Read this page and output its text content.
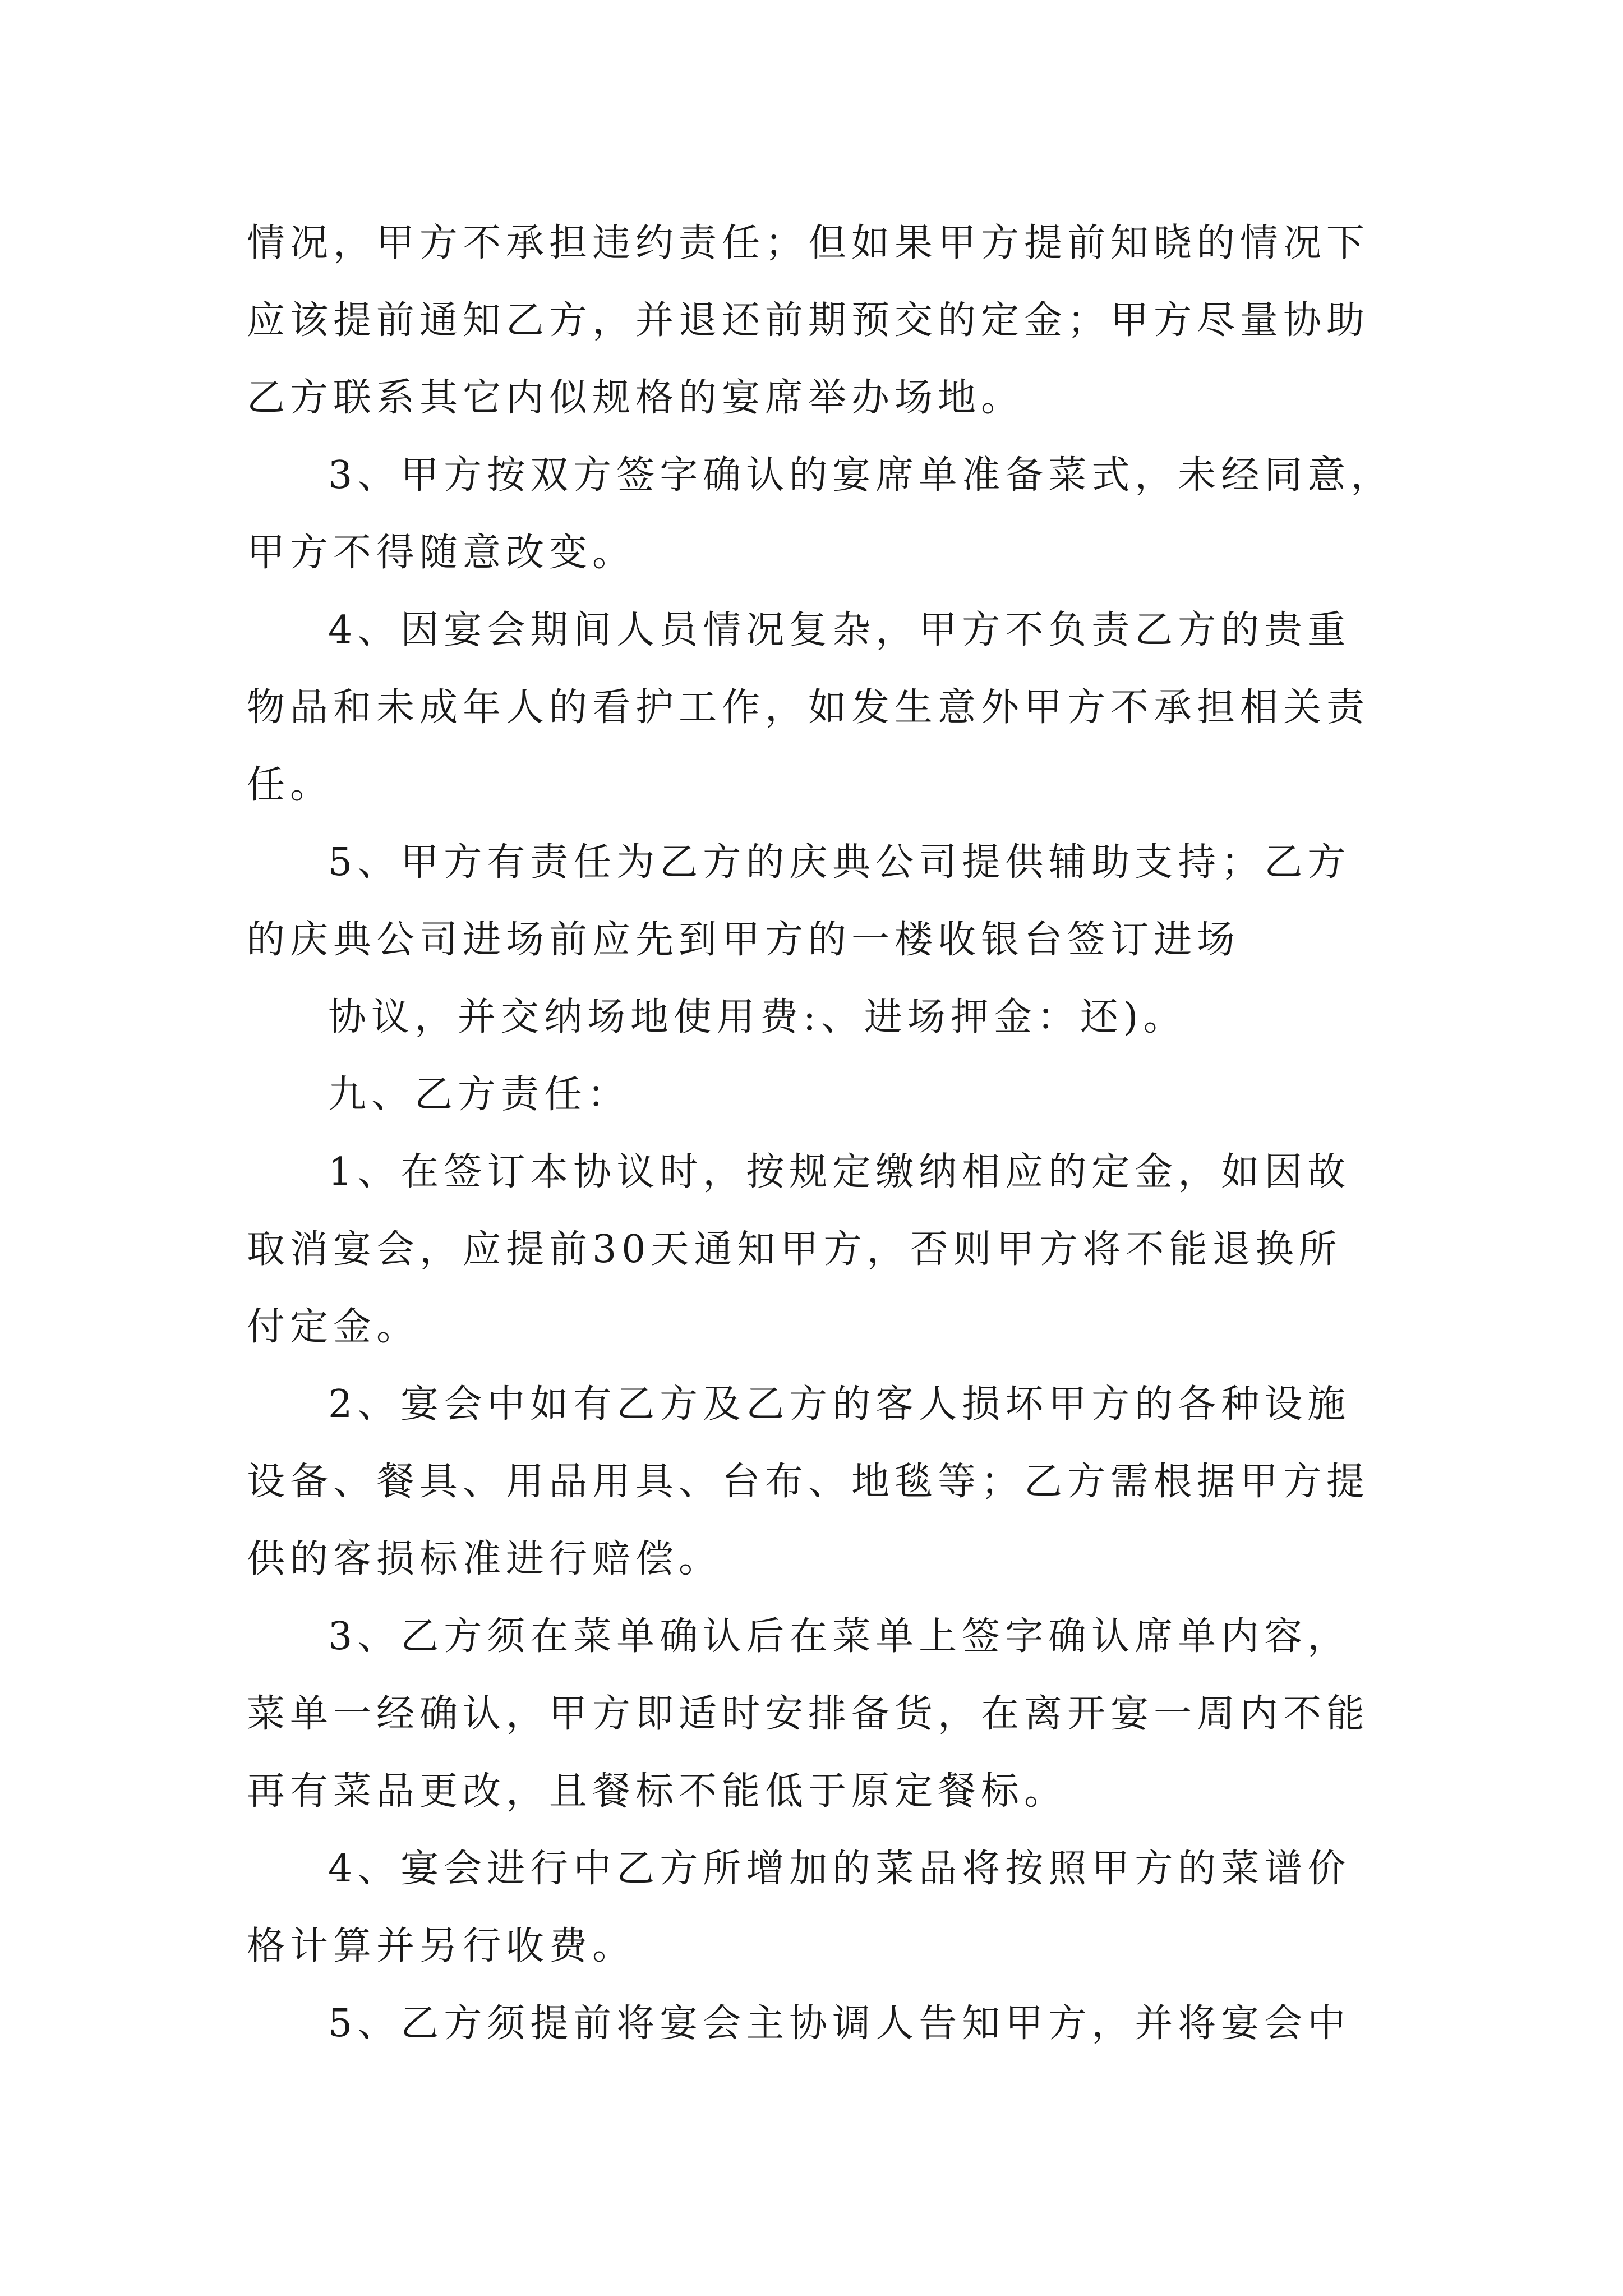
情况，甲方不承担违约责任；但如果甲方提前知晓的情况下
应该提前通知乙方，并退还前期预交的定金；甲方尽量协助
乙方联系其它内似规格的宴席举办场地。
3、甲方按双方签字确认的宴席单准备菜式，未经同意，
甲方不得随意改变。
4、因宴会期间人员情况复杂，甲方不负责乙方的贵重
物品和未成年人的看护工作，如发生意外甲方不承担相关责
任。
5、甲方有责任为乙方的庆典公司提供辅助支持；乙方
的庆典公司进场前应先到甲方的一楼收银台签订进场
协议，并交纳场地使用费:、进场押金：还)。
九、乙方责任：
1、在签订本协议时，按规定缴纳相应的定金，如因故
取消宴会，应提前30天通知甲方，否则甲方将不能退换所
付定金。
2、宴会中如有乙方及乙方的客人损坏甲方的各种设施
设备、餐具、用品用具、台布、地毯等；乙方需根据甲方提
供的客损标准进行赔偿。
3、乙方须在菜单确认后在菜单上签字确认席单内容，
菜单一经确认，甲方即适时安排备货，在离开宴一周内不能
再有菜品更改，且餐标不能低于原定餐标。
4、宴会进行中乙方所增加的菜品将按照甲方的菜谱价
格计算并另行收费。
5、乙方须提前将宴会主协调人告知甲方，并将宴会中
